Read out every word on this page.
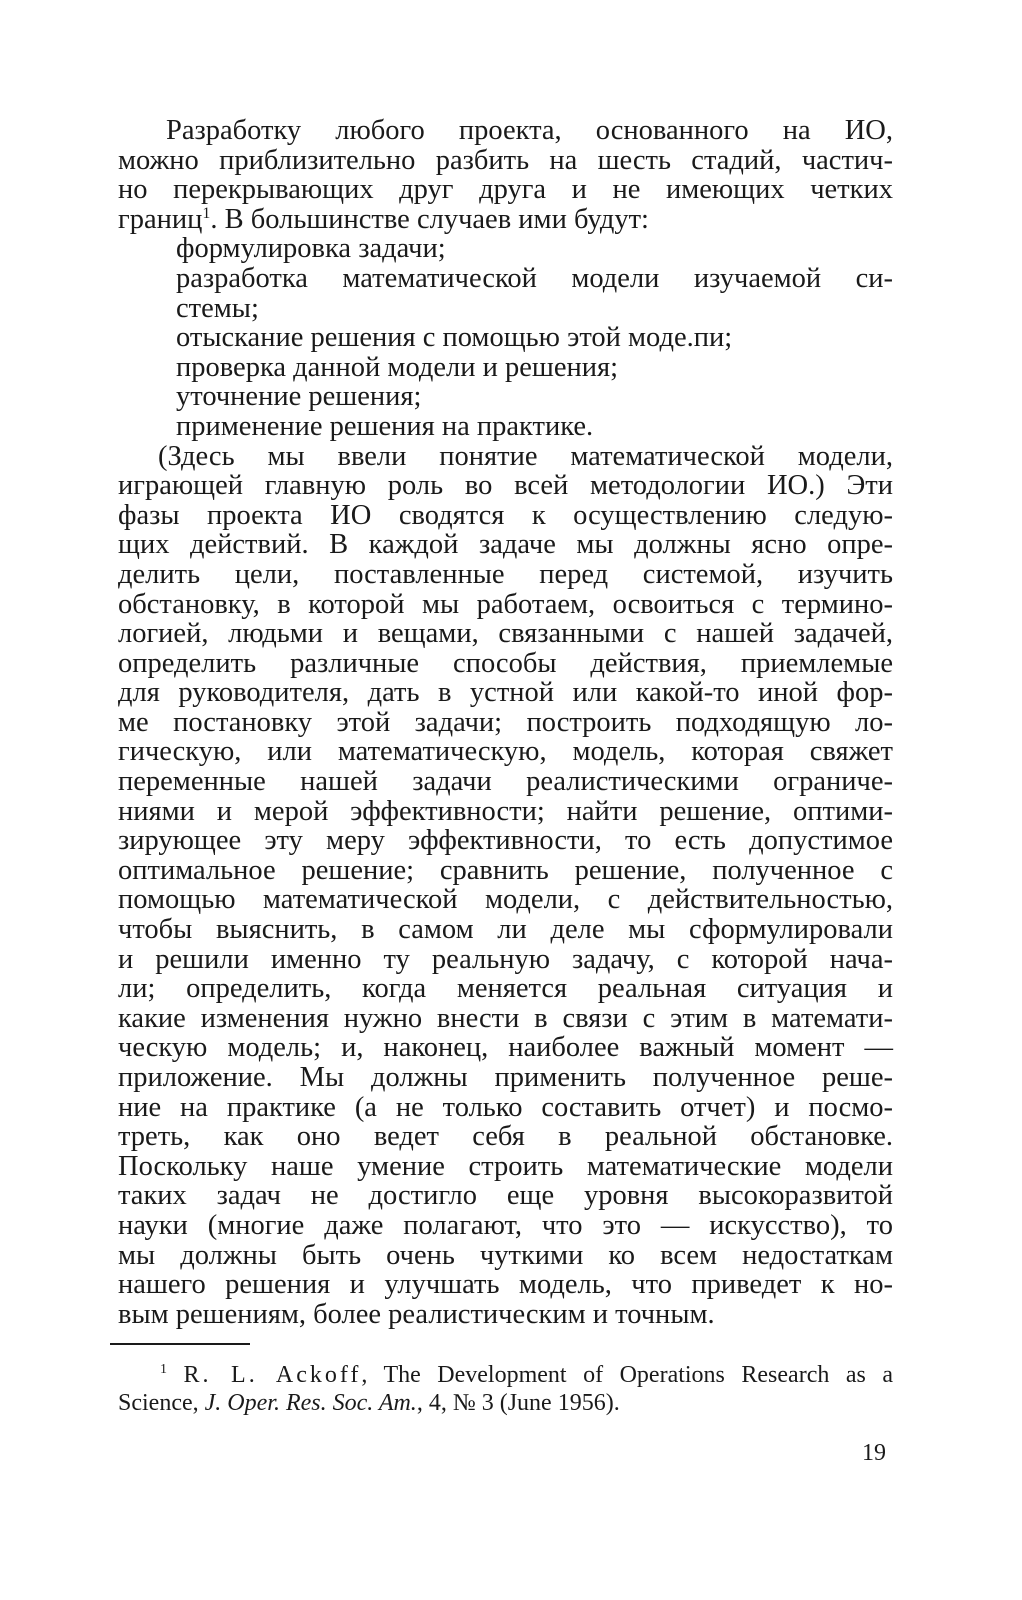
Разработку любого проекта, основанного на ИО,
можно приблизительно разбить на шесть стадий, частич-
но перекрывающих друг друга и не имеющих четких
границ$^1$. В большинстве случаев ими будут:
формулировка задачи;
разработка математической модели изучаемой си-
стемы;
отыскание решения с помощью этой моде.пи;
проверка данной модели и решения;
уточнение решения;
применение решения на практике.
(Здесь мы ввели понятие математической модели,
играющей главную роль во всей методологии ИО.) Эти
фазы проекта ИО сводятся к осуществлению следую-
щих действий. В каждой задаче мы должны ясно опре-
делить цели, поставленные перед системой, изучить
обстановку, в которой мы работаем, освоиться с термино-
логией, людьми и вещами, связанными с нашей задачей,
определить различные способы действия, приемлемые
для руководителя, дать в устной или какой-то иной фор-
ме постановку этой задачи; построить подходящую ло-
гическую, или математическую, модель, которая свяжет
переменные нашей задачи реалистическими ограниче-
ниями и мерой эффективности; найти решение, оптими-
зирующее эту меру эффективности, то есть допустимое
оптимальное решение; сравнить решение, полученное с
помощью математической модели, с действительностью,
чтобы выяснить, в самом ли деле мы сформулировали
и решили именно ту реальную задачу, с которой нача-
ли; определить, когда меняется реальная ситуация и
какие изменения нужно внести в связи с этим в математи-
ческую модель; и, наконец, наиболее важный момент —
приложение. Мы должны применить полученное реше-
ние на практике (а не только составить отчет) и посмо-
треть, как оно ведет себя в реальной обстановке.
Поскольку наше умение строить математические модели
таких задач не достигло еще уровня высокоразвитой
науки (многие даже полагают, что это — искусство), то
мы должны быть очень чуткими ко всем недостаткам
нашего решения и улучшать модель, что приведет к но-
вым решениям, более реалистическим и точным.
$^1$ R. L. Ackoff, The Development of Operations Research as a
Science, J. Oper. Res. Soc. Am., 4, № 3 (June 1956).
19
